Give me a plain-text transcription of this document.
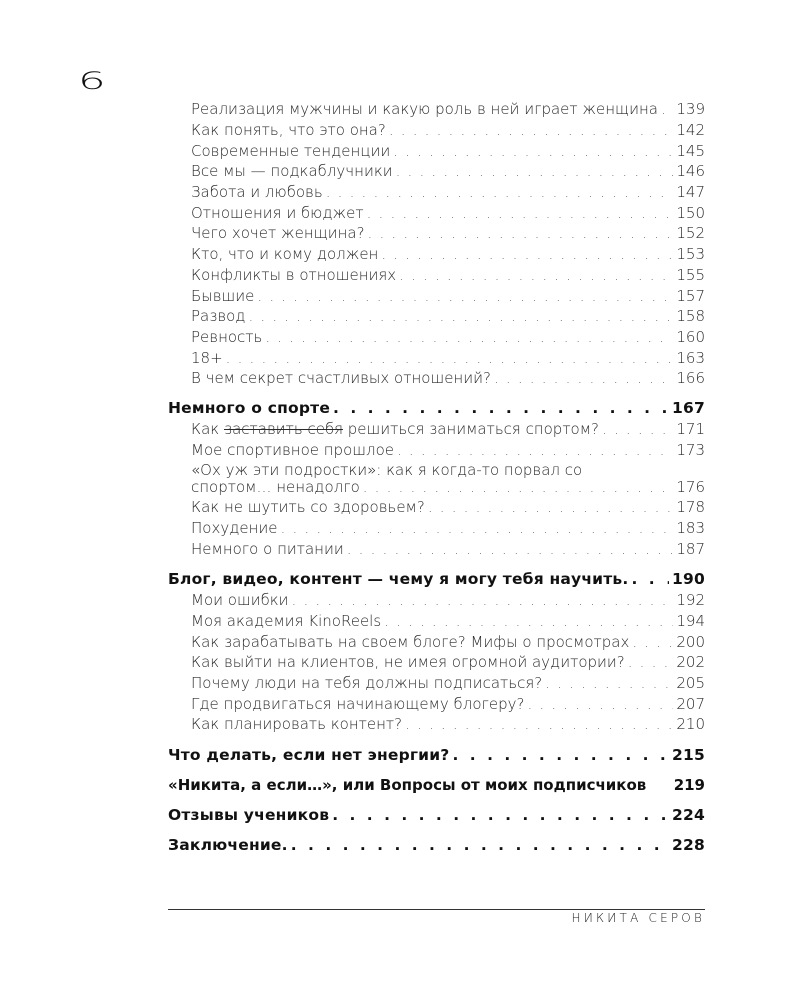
6
Реализация мужчины и какую роль в ней играет женщина . . . 139
Как понять, что это она? . . .	142
Современные тенденции . . .	145
Все мы — подкаблучники . . .	146
Забота и любовь . . .	147
Отношения и бюджет . . .	150
Чего хочет женщина? . . .	152
Кто, что и кому должен . . .	153
Конфликты в отношениях . . .	155
Бывшие . . .	157
Развод . . .	158
Ревность . . .	160
18+ . . .	163
В чем секрет счастливых отношений? . . .	166
Немного о спорте . . .	167
Как заставить себя решиться заниматься спортом? . . .	171
Мое спортивное прошлое . . .	173
«Ох уж эти подростки»: как я когда-то порвал со
спортом… ненадолго . . .	176
Как не шутить со здоровьем? . . .	178
Похудение . . .	183
Немного о питании . . .	187
Блог, видео, контент — чему я могу тебя научить. . . .	190
Мои ошибки . . .	192
Моя академия KinoReels . . .	194
Как зарабатывать на своем блоге? Мифы о просмотрах . . .	200
Как выйти на клиентов, не имея огромной аудитории? . . .	202
Почему люди на тебя должны подписаться? . . .	205
Где продвигаться начинающему блогеру? . . .	207
Как планировать контент? . . .	210
Что делать, если нет энергии? . . .	215
«Никита, а если…», или Вопросы от моих подписчиков 219
Отзывы учеников . . .	224
Заключение. . . .	228
НИКИТА СЕРОВ
